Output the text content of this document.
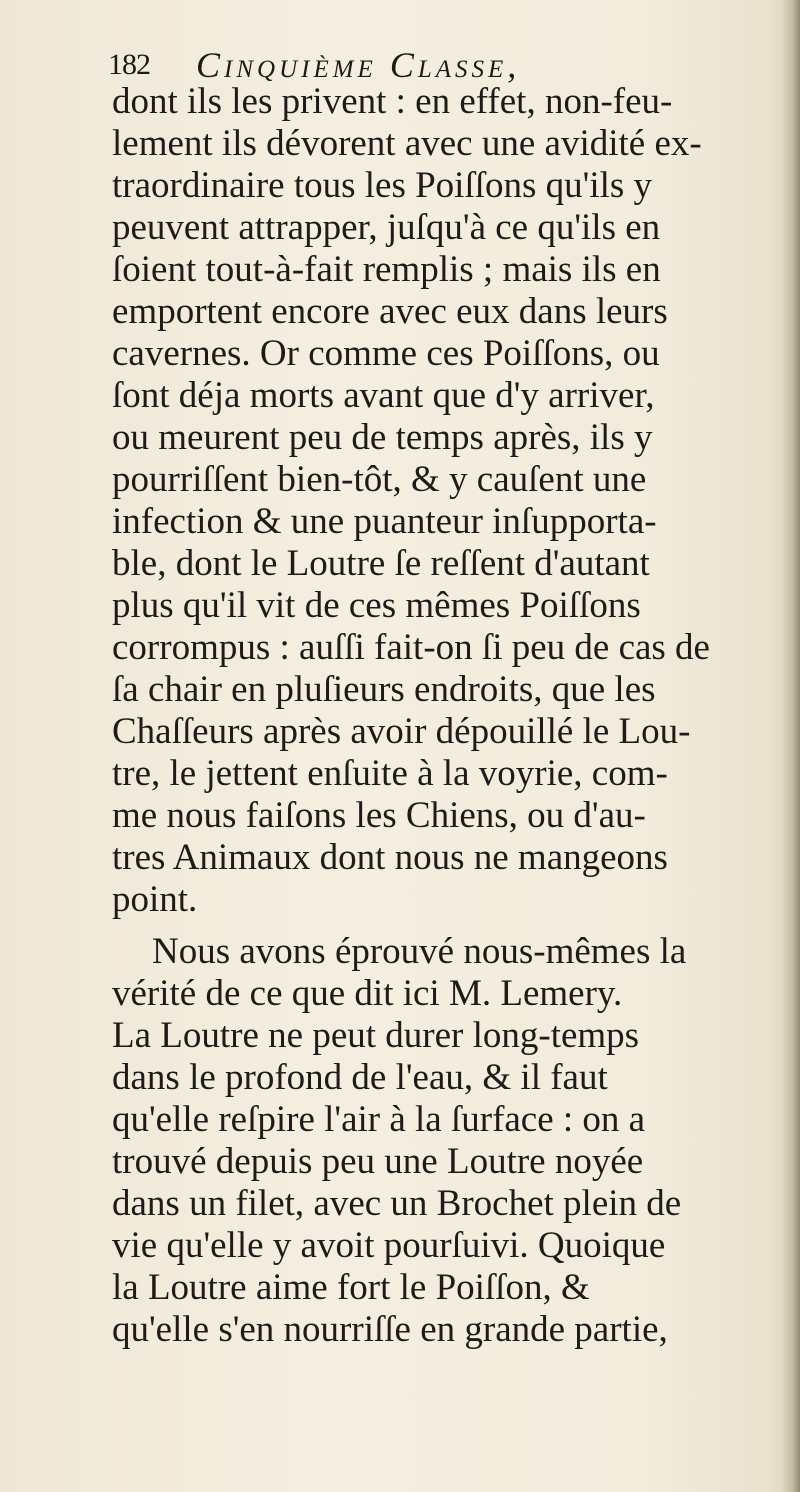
182 Cinquième Classe,
dont ils les privent : en effet, non-feu-
lement ils dévorent avec une avidité ex-
traordinaire tous les Poiſſons qu'ils y
peuvent attrapper, juſqu'à ce qu'ils en
ſoient tout-à-fait remplis ; mais ils en
emportent encore avec eux dans leurs
cavernes. Or comme ces Poiſſons, ou
ſont déja morts avant que d'y arriver,
ou meurent peu de temps après, ils y
pourriſſent bien-tôt, & y cauſent une
infection & une puanteur inſupporta-
ble, dont le Loutre ſe reſſent d'autant
plus qu'il vit de ces mêmes Poiſſons
corrompus : auſſi fait-on ſi peu de cas de
ſa chair en pluſieurs endroits, que les
Chaſſeurs après avoir dépouillé le Lou-
tre, le jettent enſuite à la voyrie, com-
me nous faiſons les Chiens, ou d'au-
tres Animaux dont nous ne mangeons
point.
Nous avons éprouvé nous-mêmes la
vérité de ce que dit ici M. Lemery.
La Loutre ne peut durer long-temps
dans le profond de l'eau, & il faut
qu'elle reſpire l'air à la ſurface : on a
trouvé depuis peu une Loutre noyée
dans un filet, avec un Brochet plein de
vie qu'elle y avoit pourſuivi. Quoique
la Loutre aime fort le Poiſſon, &
qu'elle s'en nourriſſe en grande partie,
